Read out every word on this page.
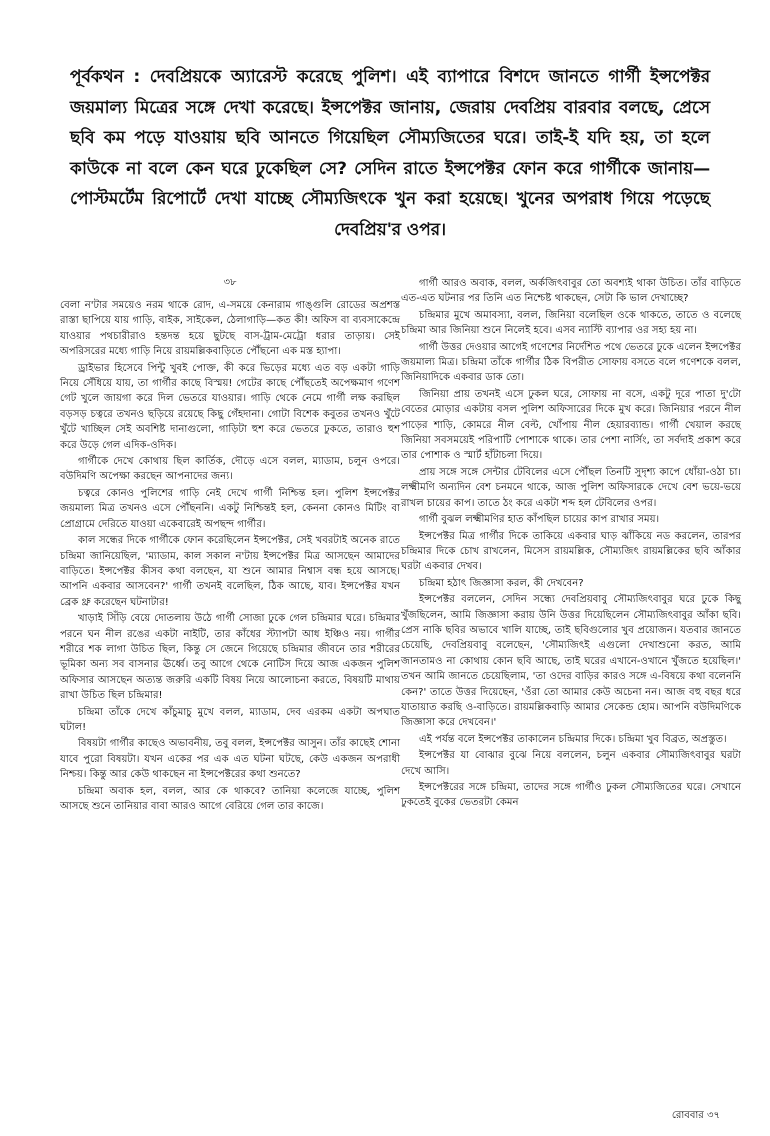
পূর্বকথন : দেবপ্রিয়কে অ্যারেস্ট করেছে পুলিশ। এই ব্যাপারে বিশদে জানতে গার্গী ইন্সপেক্টর জয়মাল্য মিত্রের সঙ্গে দেখা করেছে। ইন্সপেক্টর জানায়, জেরায় দেবপ্রিয় বারবার বলছে, প্রেসে ছবি কম পড়ে যাওয়ায় ছবি আনতে গিয়েছিল সৌম্যজিতের ঘরে। তাই-ই যদি হয়, তা হলে কাউকে না বলে কেন ঘরে ঢুকেছিল সে? সেদিন রাতে ইন্সপেক্টর ফোন করে গার্গীকে জানায়—পোস্টমর্টেম রিপোর্টে দেখা যাচ্ছে সৌম্যজিৎকে খুন করা হয়েছে। খুনের অপরাধ গিয়ে পড়েছে দেবপ্রিয়'র ওপর।
৩৮

বেলা ন'টার সময়েও নরম থাকে রোদ, এ-সময়ে কেনারাম গাঙ্গুলি রোডের অপ্রশস্ত রাস্তা ছাপিয়ে যায় গাড়ি, বাইক, সাইকেল, ঠেলাগাড়ি—কত কী! অফিস বা ব্যবসাকেন্দ্রে যাওয়ার পথচারীরাও হন্তদন্ত হয়ে ছুটছে বাস-ট্রাম-মেট্রো ধরার তাড়ায়। সেই অপরিসরের মধ্যে গাড়ি নিয়ে রায়মল্লিকবাড়িতে পৌঁছনো এক মস্ত হ্যাপা।

ড্রাইভার হিসেবে পিন্টু খুবই পোক্ত, কী করে ভিড়ের মধ্যে এত বড় একটা গাড়ি নিয়ে সেঁধিয়ে যায়, তা গার্গীর কাছে বিস্ময়! গেটের কাছে পৌঁছতেই অপেক্ষমাণ গণেশ গেট খুলে জায়গা করে দিল ভেতরে যাওয়ার। গাড়ি থেকে নেমে গার্গী লক্ষ করছিল বড়সড় চত্বরে তখনও ছড়িয়ে রয়েছে কিছু গেঁহদানা। গোটা বিশেক কবুতর তখনও খুঁটে খুঁটে খাচ্ছিল সেই অবশিষ্ট দানাগুলো, গাড়িটা হুশ করে ভেতরে ঢুকতে, তারাও হুশ করে উড়ে গেল এদিক-ওদিক।

গার্গীকে দেখে কোথায় ছিল কার্তিক, দৌড়ে এসে বলল, ম্যাডাম, চলুন ওপরে। বউদিমণি অপেক্ষা করছেন আপনাদের জন্য।

চত্বরে কোনও পুলিশের গাড়ি নেই দেখে গার্গী নিশ্চিন্ত হল। পুলিশ ইন্সপেক্টর জয়মাল্য মিত্র তখনও এসে পৌঁছননি। একটু নিশ্চিন্তই হল, কেননা কোনও মিটিং বা প্রোগ্রামে দেরিতে যাওয়া একেবারেই অপছন্দ গার্গীর।

কাল সন্ধের দিকে গার্গীকে ফোন করেছিলেন ইন্সপেক্টর, সেই খবরটাই অনেক রাতে চন্দ্রিমা জানিয়েছিল, 'ম্যাডাম, কাল সকাল ন'টায় ইন্সপেক্টর মিত্র আসছেন আমাদের বাড়িতে। ইন্সপেক্টর কীসব কথা বলছেন, যা শুনে আমার নিশ্বাস বন্ধ হয়ে আসছে। আপনি একবার আসবেন?' গার্গী তখনই বলেছিল, ঠিক আছে, যাব। ইন্সপেক্টর যখন ব্রেক থ্রু করেছেন ঘটনাটার!

খাড়াই সিঁড়ি বেয়ে দোতলায় উঠে গার্গী সোজা ঢুকে গেল চন্দ্রিমার ঘরে। চন্দ্রিমার পরনে ঘন নীল রঙের একটা নাইটি, তার কাঁধের স্ট্যাপটা আধ ইঞ্চিও নয়। গার্গীর শরীরে শক লাগা উচিত ছিল, কিন্তু সে জেনে গিয়েছে চন্দ্রিমার জীবনে তার শরীরের ভূমিকা অন্য সব বাসনার ঊর্ধ্বে। তবু আগে থেকে নোটিস দিয়ে আজ একজন পুলিশ অফিসার আসছেন অত্যন্ত জরুরি একটি বিষয় নিয়ে আলোচনা করতে, বিষয়টি মাথায় রাখা উচিত ছিল চন্দ্রিমার!

চন্দ্রিমা তাঁকে দেখে কাঁচুমাচু মুখে বলল, ম্যাডাম, দেব এরকম একটা অপঘাত ঘটাল!

বিষয়টা গার্গীর কাছেও অভাবনীয়, তবু বলল, ইন্সপেক্টর আসুন। তাঁর কাছেই শোনা যাবে পুরো বিষয়টা। যখন একের পর এক এত ঘটনা ঘটছে, কেউ একজন অপরাধী নিশ্চয়। কিন্তু আর কেউ থাকছেন না ইন্সপেক্টরের কথা শুনতে?

চন্দ্রিমা অবাক হল, বলল, আর কে থাকবে? তানিয়া কলেজে যাচ্ছে, পুলিশ আসছে শুনে তানিয়ার বাবা আরও আগে বেরিয়ে গেল তার কাজে।

গার্গী আরও অবাক, বলল, অর্কজিৎবাবুর তো অবশ্যই থাকা উচিত। তাঁর বাড়িতে এত-এত ঘটনার পর তিনি এত নিশ্চেষ্ট থাকছেন, সেটা কি ভাল দেখাচ্ছে?

চন্দ্রিমার মুখে অমাবস্যা, বলল, জিনিয়া বলেছিল ওকে থাকতে, তাতে ও বলেছে চন্দ্রিমা আর জিনিয়া শুনে নিলেই হবে। এসব ন্যাস্টি ব্যাপার ওর সহ্য হয় না।

গার্গী উত্তর দেওয়ার আগেই গণেশের নির্দেশিত পথে ভেতরে ঢুকে এলেন ইন্সপেক্টর জয়মাল্য মিত্র। চন্দ্রিমা তাঁকে গার্গীর ঠিক বিপরীত সোফায় বসতে বলে গণেশকে বলল, জিনিয়াদিকে একবার ডাক তো।

জিনিয়া প্রায় তখনই এসে ঢুকল ঘরে, সোফায় না বসে, একটু দূরে পাতা দু'টো বেতের মোড়ার একটায় বসল পুলিশ অফিসারের দিকে মুখ করে। জিনিয়ার পরনে নীল পাড়ের শাড়ি, কোমরে নীল বেল্ট, খোঁপায় নীল হেয়ারব্যান্ড। গার্গী খেয়াল করছে জিনিয়া সবসময়েই পরিপাটি পোশাকে থাকে। তার পেশা নার্সিং, তা সর্বদাই প্রকাশ করে তার পোশাক ও স্মার্ট হাঁটাচলা দিয়ে।

প্রায় সঙ্গে সঙ্গে সেন্টার টেবিলের এসে পৌঁছল তিনটি সুদৃশ্য কাপে ধোঁয়া-ওঠা চা। লক্ষ্মীমণি অন্যদিন বেশ চনমনে থাকে, আজ পুলিশ অফিসারকে দেখে বেশ ভয়ে-ভয়ে রাখল চায়ের কাপ। তাতে ঠং করে একটা শব্দ হল টেবিলের ওপর।

গার্গী বুঝল লক্ষ্মীমণির হাত কাঁপছিল চায়ের কাপ রাখার সময়।

ইন্সপেক্টর মিত্র গার্গীর দিকে তাকিয়ে একবার ঘাড় ঝাঁকিয়ে নড করলেন, তারপর চন্দ্রিমার দিকে চোখ রাখলেন, মিসেস রায়মল্লিক, সৌম্যজিৎ রায়মল্লিকের ছবি আঁকার ঘরটা একবার দেখব।

চন্দ্রিমা হঠাৎ জিজ্ঞাসা করল, কী দেখবেন?

ইন্সপেক্টর বললেন, সেদিন সন্ধ্যে দেবপ্রিয়বাবু সৌম্যজিৎবাবুর ঘরে ঢুকে কিছু খুঁজছিলেন, আমি জিজ্ঞাসা করায় উনি উত্তর দিয়েছিলেন সৌম্যজিৎবাবুর আঁকা ছবি। প্রেস নাকি ছবির অভাবে খালি যাচ্ছে, তাই ছবিগুলোর খুব প্রয়োজন। যতবার জানতে চেয়েছি, দেবপ্রিয়বাবু বলেছেন, 'সৌম্যজিৎই এগুলো দেখাশুনো করত, আমি জানতামও না কোথায় কোন ছবি আছে, তাই ঘরের এখানে-ওখানে খুঁজতে হয়েছিল।' তখন আমি জানতে চেয়েছিলাম, 'তা ওদের বাড়ির কারও সঙ্গে এ-বিষয়ে কথা বলেননি কেন?' তাতে উত্তর দিয়েছেন, 'ওঁরা তো আমার কেউ অচেনা নন। আজ বহু বছর ধরে যাতায়াত করছি ও-বাড়িতে। রায়মল্লিকবাড়ি আমার সেকেন্ড হোম। আপনি বউদিমণিকে জিজ্ঞাসা করে দেখবেন।'

এই পর্যন্ত বলে ইন্সপেক্টর তাকালেন চন্দ্রিমার দিকে। চন্দ্রিমা খুব বিব্রত, অপ্রস্তুত।

ইন্সপেক্টর যা বোঝার বুঝে নিয়ে বললেন, চলুন একবার সৌম্যজিৎবাবুর ঘরটা দেখে আসি।

ইন্সপেক্টরের সঙ্গে চন্দ্রিমা, তাদের সঙ্গে গার্গীও ঢুকল সৌম্যজিতের ঘরে। সেখানে ঢুকতেই বুকের ভেতরটা কেমন

রোববার ৩৭
